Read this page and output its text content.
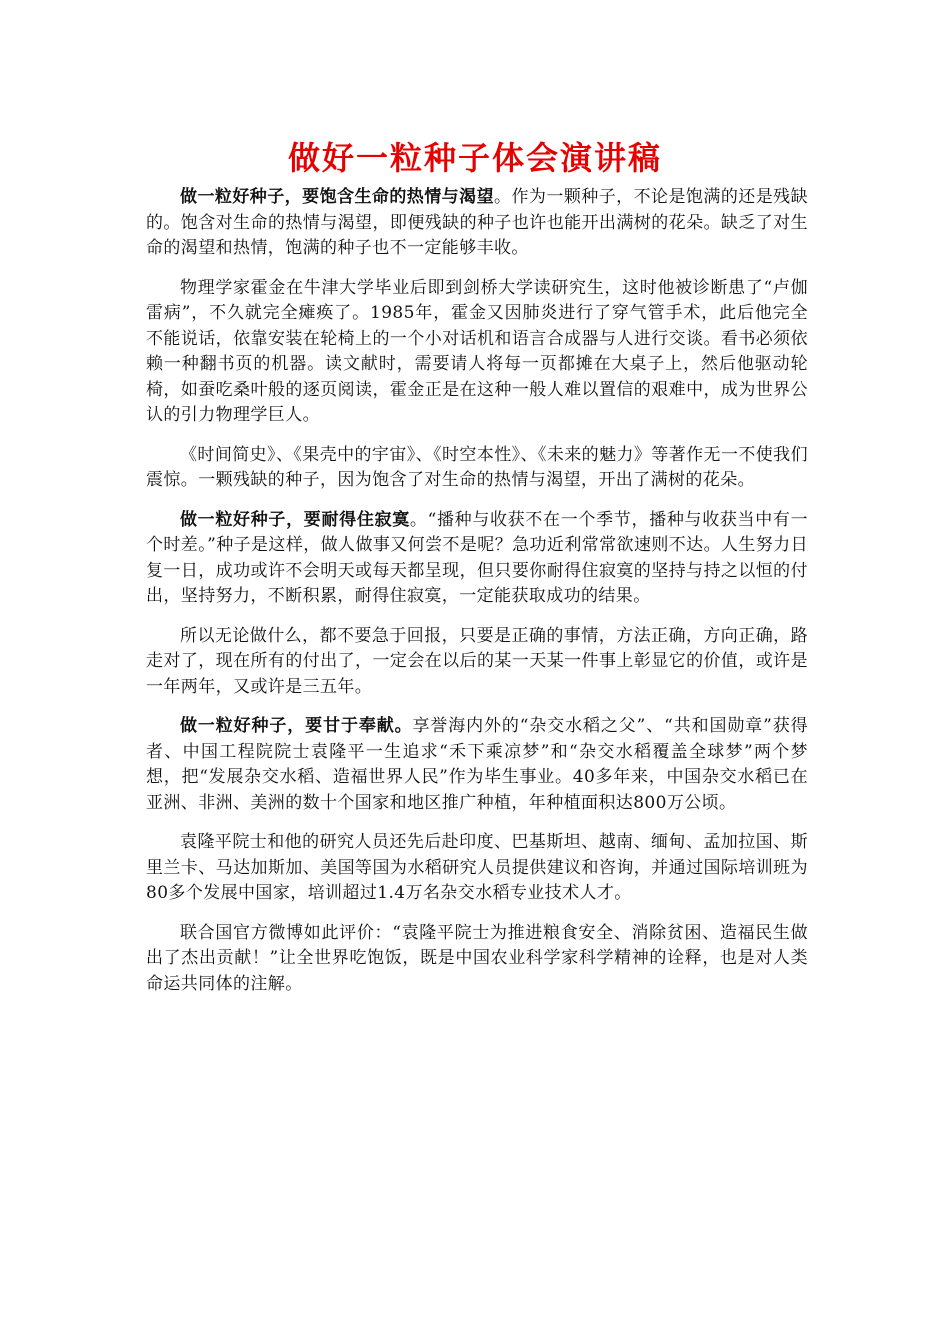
做好一粒种子体会演讲稿

做一粒好种子，要饱含生命的热情与渴望。作为一颗种子，不论是饱满的还是残缺的。饱含对生命的热情与渴望，即便残缺的种子也许也能开出满树的花朵。缺乏了对生命的渴望和热情，饱满的种子也不一定能够丰收。

物理学家霍金在牛津大学毕业后即到剑桥大学读研究生，这时他被诊断患了“卢伽雷病”，不久就完全瘫痪了。1985年，霍金又因肺炎进行了穿气管手术，此后他完全不能说话，依靠安装在轮椅上的一个小对话机和语言合成器与人进行交谈。看书必须依赖一种翻书页的机器。读文献时，需要请人将每一页都摊在大桌子上，然后他驱动轮椅，如蚕吃桑叶般的逐页阅读，霍金正是在这种一般人难以置信的艰难中，成为世界公认的引力物理学巨人。

《时间简史》、《果壳中的宇宙》、《时空本性》、《未来的魅力》等著作无一不使我们震惊。一颗残缺的种子，因为饱含了对生命的热情与渴望，开出了满树的花朵。

做一粒好种子，要耐得住寂寞。“播种与收获不在一个季节，播种与收获当中有一个时差。”种子是这样，做人做事又何尝不是呢？急功近利常常欲速则不达。人生努力日复一日，成功或许不会明天或每天都呈现，但只要你耐得住寂寞的坚持与持之以恒的付出，坚持努力，不断积累，耐得住寂寞，一定能获取成功的结果。

所以无论做什么，都不要急于回报，只要是正确的事情，方法正确，方向正确，路走对了，现在所有的付出了，一定会在以后的某一天某一件事上彰显它的价值，或许是一年两年，又或许是三五年。

做一粒好种子，要甘于奉献。享誉海内外的“杂交水稻之父”、“共和国勋章”获得者、中国工程院院士袁隆平一生追求“禾下乘凉梦”和“杂交水稻覆盖全球梦”两个梦想，把“发展杂交水稻、造福世界人民”作为毕生事业。40多年来，中国杂交水稻已在亚洲、非洲、美洲的数十个国家和地区推广种植，年种植面积达800万公顷。

袁隆平院士和他的研究人员还先后赴印度、巴基斯坦、越南、缅甸、孟加拉国、斯里兰卡、马达加斯加、美国等国为水稻研究人员提供建议和咨询，并通过国际培训班为80多个发展中国家，培训超过1.4万名杂交水稻专业技术人才。

联合国官方微博如此评价：“袁隆平院士为推进粮食安全、消除贫困、造福民生做出了杰出贡献！”让全世界吃饱饭，既是中国农业科学家科学精神的诠释，也是对人类命运共同体的注解。
